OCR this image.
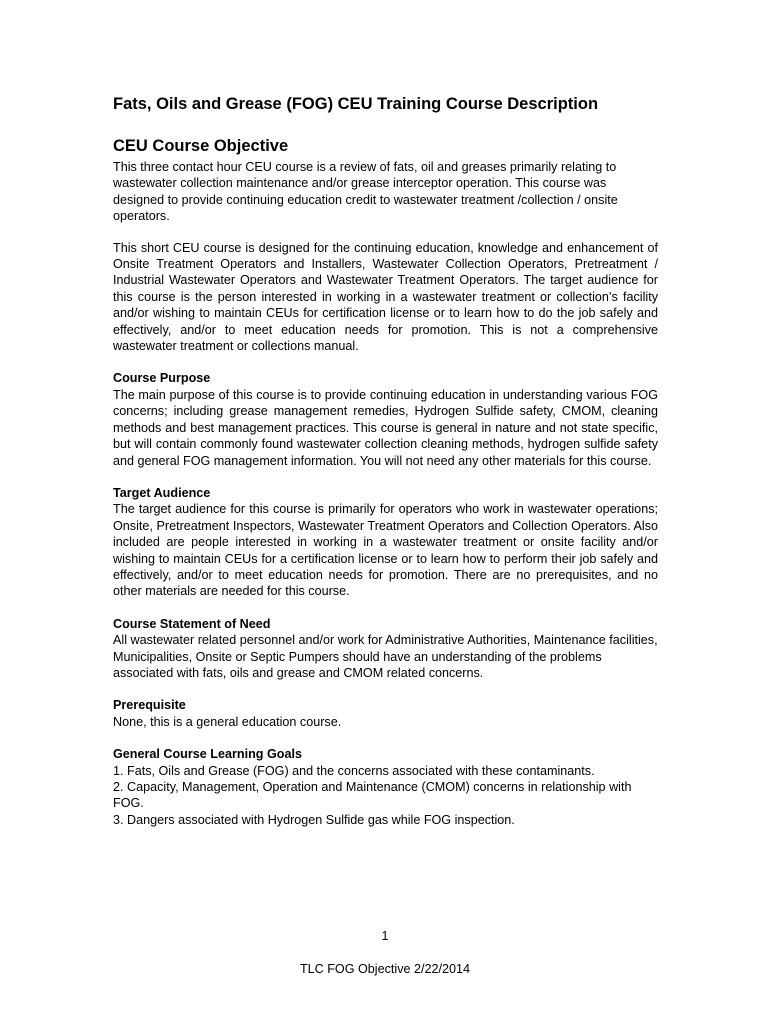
Fats, Oils and Grease (FOG) CEU Training Course Description
CEU Course Objective

This three contact hour CEU course is a review of fats, oil and greases primarily relating to wastewater collection maintenance and/or grease interceptor operation. This course was designed to provide continuing education credit to wastewater treatment /collection / onsite operators.

This short CEU course is designed for the continuing education, knowledge and enhancement of Onsite Treatment Operators and Installers, Wastewater Collection Operators, Pretreatment / Industrial Wastewater Operators and Wastewater Treatment Operators. The target audience for this course is the person interested in working in a wastewater treatment or collection’s facility and/or wishing to maintain CEUs for certification license or to learn how to do the job safely and effectively, and/or to meet education needs for promotion. This is not a comprehensive wastewater treatment or collections manual.

Course Purpose

The main purpose of this course is to provide continuing education in understanding various FOG concerns; including grease management remedies, Hydrogen Sulfide safety, CMOM, cleaning methods and best management practices. This course is general in nature and not state specific, but will contain commonly found wastewater collection cleaning methods, hydrogen sulfide safety and general FOG management information. You will not need any other materials for this course.

Target Audience

The target audience for this course is primarily for operators who work in wastewater operations; Onsite, Pretreatment Inspectors, Wastewater Treatment Operators and Collection Operators. Also included are people interested in working in a wastewater treatment or onsite facility and/or wishing to maintain CEUs for a certification license or to learn how to perform their job safely and effectively, and/or to meet education needs for promotion. There are no prerequisites, and no other materials are needed for this course.

Course Statement of Need

All wastewater related personnel and/or work for Administrative Authorities, Maintenance facilities, Municipalities, Onsite or Septic Pumpers should have an understanding of the problems associated with fats, oils and grease and CMOM related concerns.

Prerequisite

None, this is a general education course.

General Course Learning Goals

1. Fats, Oils and Grease (FOG) and the concerns associated with these contaminants.
2. Capacity, Management, Operation and Maintenance (CMOM) concerns in relationship with FOG.
3. Dangers associated with Hydrogen Sulfide gas while FOG inspection.
1
TLC FOG Objective 2/22/2014
